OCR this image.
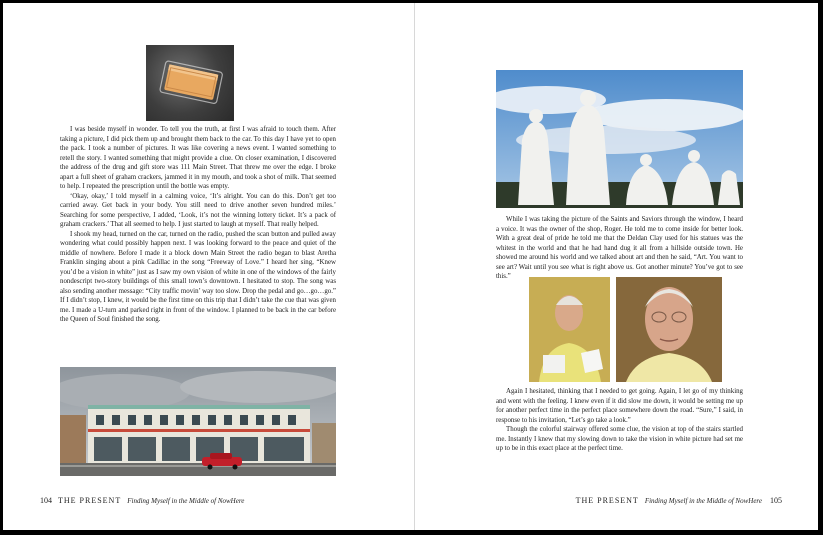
I was beside myself in wonder. To tell you the truth, at first I was afraid to touch them. After taking a picture, I did pick them up and brought them back to the car. To this day I have yet to open the pack. I took a number of pictures. It was like covering a news event. I wanted something to retell the story. I wanted something that might provide a clue. On closer examination, I discovered the address of the drug and gift store was 111 Main Street. That threw me over the edge. I broke apart a full sheet of graham crackers, jammed it in my mouth, and took a shot of milk. That seemed to help. I repeated the prescription until the bottle was empty.

‘Okay, okay,’ I told myself in a calming voice, ‘It’s alright. You can do this. Don’t get too carried away. Get back in your body. You still need to drive another seven hundred miles.’ Searching for some perspective, I added, ‘Look, it’s not the winning lottery ticket. It’s a pack of graham crackers.’ That all seemed to help. I just started to laugh at myself. That really helped.

I shook my head, turned on the car, turned on the radio, pushed the scan button and pulled away wondering what could possibly happen next. I was looking forward to the peace and quiet of the middle of nowhere. Before I made it a block down Main Street the radio began to blast Aretha Franklin singing about a pink Cadillac in the song “Freeway of Love.” I heard her sing, “Knew you’d be a vision in white” just as I saw my own vision of white in one of the windows of the fairly nondescript two-story buildings of this small town’s downtown. I hesitated to stop. The song was also sending another message: “City traffic movin’ way too slow. Drop the pedal and go…go…go.” If I didn’t stop, I knew, it would be the first time on this trip that I didn’t take the cue that was given me. I made a U-turn and parked right in front of the window. I planned to be back in the car before the Queen of Soul finished the song.

104 THE PRESENT Finding Myself in the Middle of NowHere

While I was taking the picture of the Saints and Saviors through the window, I heard a voice. It was the owner of the shop, Roger. He told me to come inside for better look. With a great deal of pride he told me that the Deldan Clay used for his statues was the whitest in the world and that he had hand dug it all from a hillside outside town. He showed me around his world and we talked about art and then he said, “Art. You want to see art? Wait until you see what is right above us. Got another minute? You’ve got to see this.”

Again I hesitated, thinking that I needed to get going. Again, I let go of my thinking and went with the feeling. I knew even if it did slow me down, it would be setting me up for another perfect time in the perfect place somewhere down the road. “Sure,” I said, in response to his invitation, “Let’s go take a look.”

Though the colorful stairway offered some clue, the vision at top of the stairs startled me. Instantly I knew that my slowing down to take the vision in white picture had set me up to be in this exact place at the perfect time.

THE PRESENT Finding Myself in the Middle of NowHere 105
